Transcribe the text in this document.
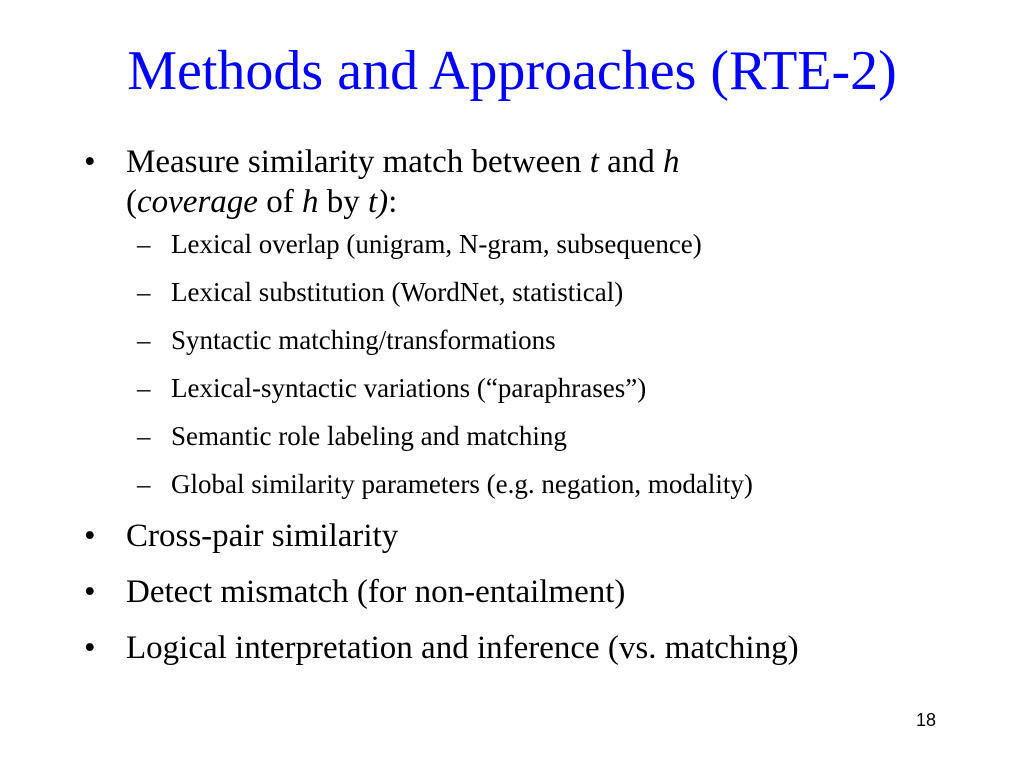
Methods and Approaches (RTE-2)
• Measure similarity match between t and h
(coverage of h by t):
– Lexical overlap (unigram, N-gram, subsequence)
– Lexical substitution (WordNet, statistical)
– Syntactic matching/transformations
– Lexical-syntactic variations (“paraphrases”)
– Semantic role labeling and matching
– Global similarity parameters (e.g. negation, modality)
• Cross-pair similarity
• Detect mismatch (for non-entailment)
• Logical interpretation and inference (vs. matching)
18
